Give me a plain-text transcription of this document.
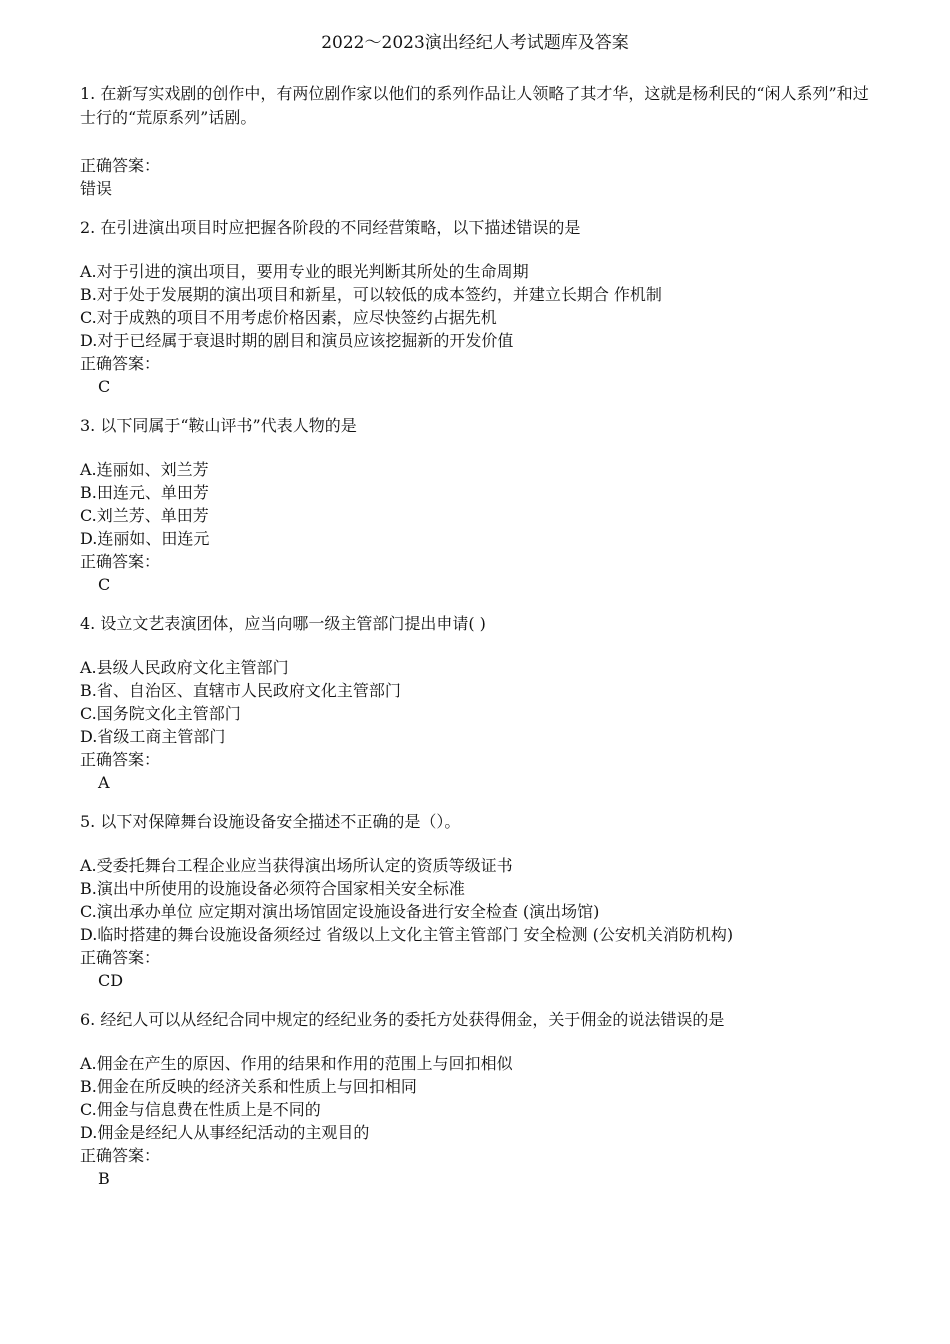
2022～2023演出经纪人考试题库及答案
1. 在新写实戏剧的创作中，有两位剧作家以他们的系列作品让人领略了其才华，这就是杨利民的“闲人系列”和过士行的“荒原系列”话剧。
正确答案：
错误
2. 在引进演出项目时应把握各阶段的不同经营策略，以下描述错误的是
A.对于引进的演出项目，要用专业的眼光判断其所处的生命周期
B.对于处于发展期的演出项目和新星，可以较低的成本签约，并建立长期合 作机制
C.对于成熟的项目不用考虑价格因素，应尽快签约占据先机
D.对于已经属于衰退时期的剧目和演员应该挖掘新的开发价值
正确答案：
C
3. 以下同属于“鞍山评书”代表人物的是
A.连丽如、刘兰芳
B.田连元、单田芳
C.刘兰芳、单田芳
D.连丽如、田连元
正确答案：
C
4. 设立文艺表演团体，应当向哪一级主管部门提出申请( )
A.县级人民政府文化主管部门
B.省、自治区、直辖市人民政府文化主管部门
C.国务院文化主管部门
D.省级工商主管部门
正确答案：
A
5. 以下对保障舞台设施设备安全描述不正确的是（）。
A.受委托舞台工程企业应当获得演出场所认定的资质等级证书
B.演出中所使用的设施设备必须符合国家相关安全标准
C.演出承办单位 应定期对演出场馆固定设施设备进行安全检查 (演出场馆)
D.临时搭建的舞台设施设备须经过 省级以上文化主管主管部门 安全检测 (公安机关消防机构)
正确答案：
CD
6. 经纪人可以从经纪合同中规定的经纪业务的委托方处获得佣金，关于佣金的说法错误的是
A.佣金在产生的原因、作用的结果和作用的范围上与回扣相似
B.佣金在所反映的经济关系和性质上与回扣相同
C.佣金与信息费在性质上是不同的
D.佣金是经纪人从事经纪活动的主观目的
正确答案：
B
